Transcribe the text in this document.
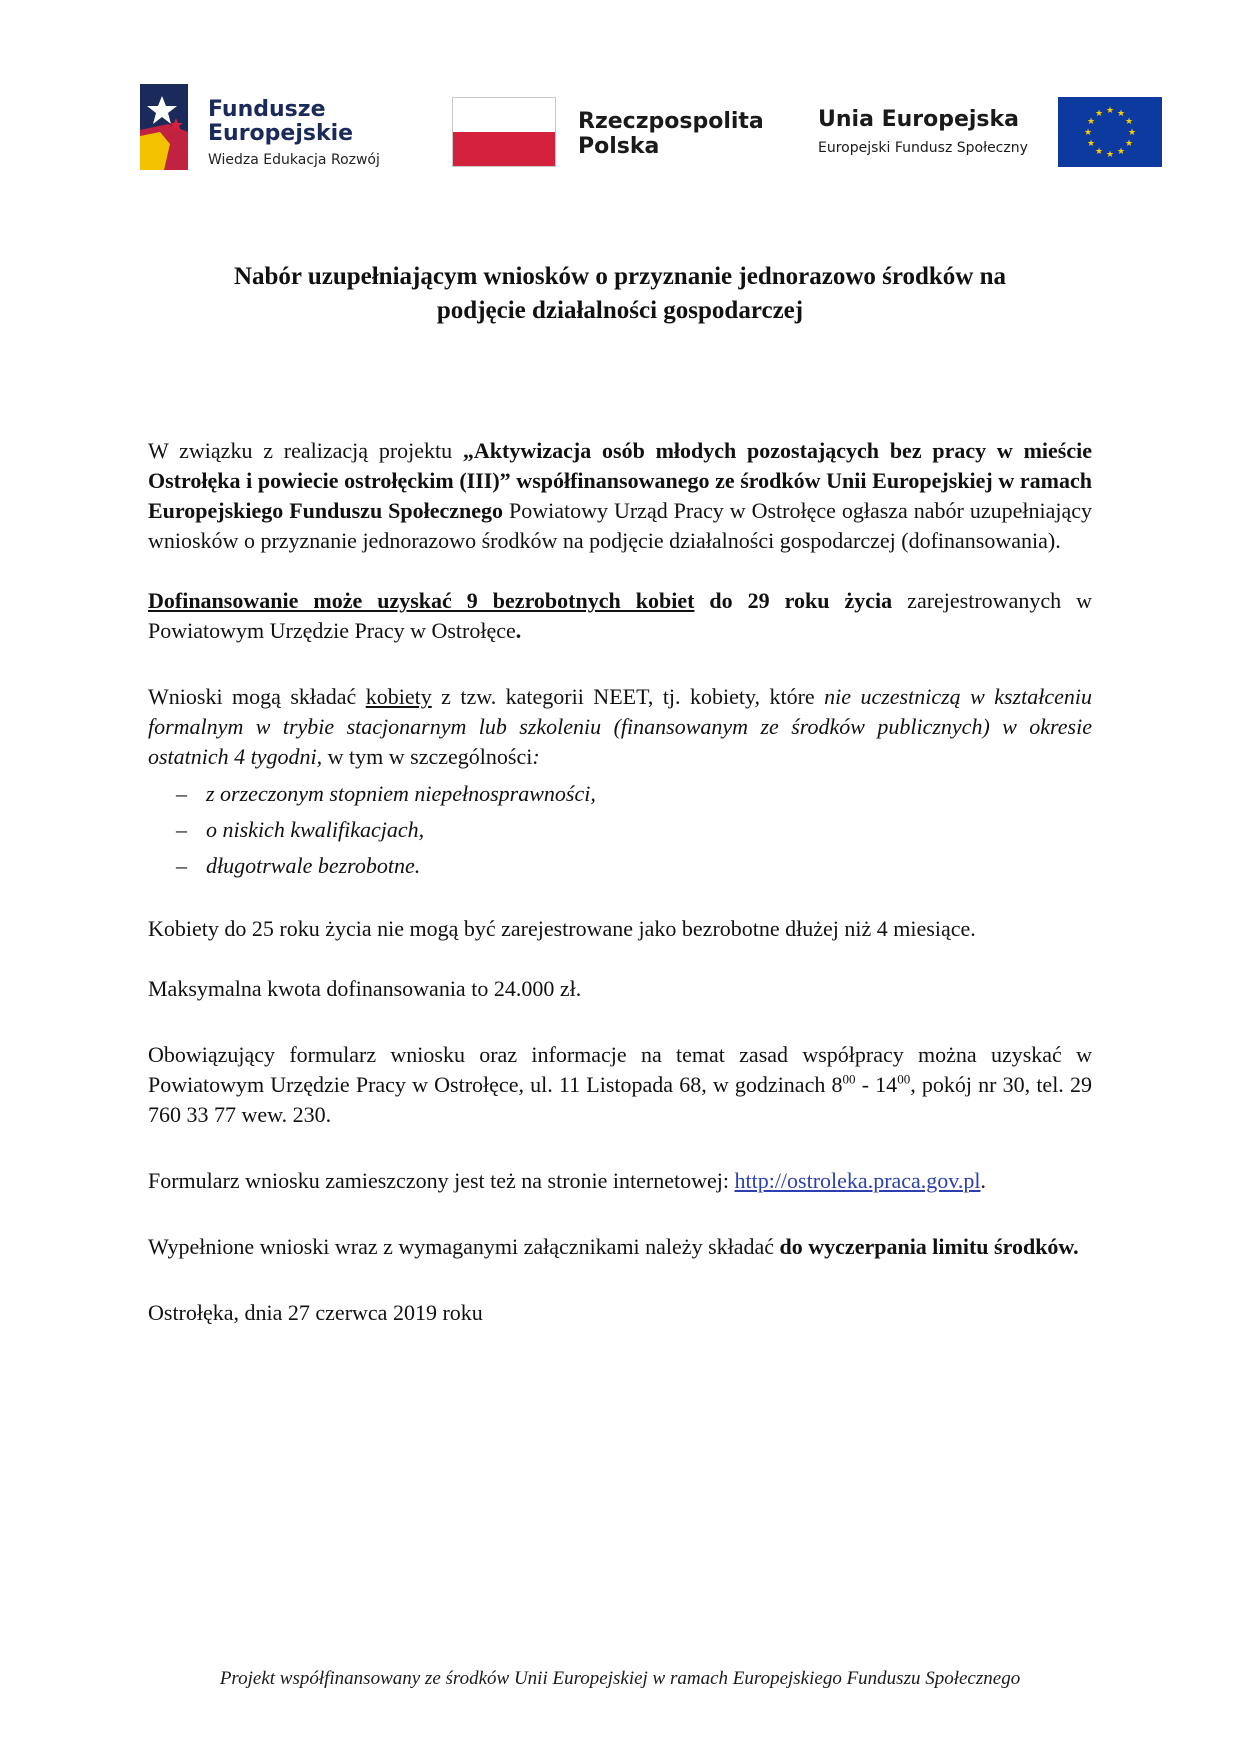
Fundusze
Europejskie
Wiedza Edukacja Rozwój
Rzeczpospolita
Polska
Unia Europejska
Europejski Fundusz Społeczny
★ ★
★
★
★
★
★
★
★
★
★
★
Nabór uzupełniającym wniosków o przyznanie jednorazowo środków na
podjęcie działalności gospodarczej

W związku z realizacją projektu „Aktywizacja osób młodych pozostających bez pracy w mieście Ostrołęka i powiecie ostrołęckim (III)” współfinansowanego ze środków Unii Europejskiej w ramach Europejskiego Funduszu Społecznego Powiatowy Urząd Pracy w Ostrołęce ogłasza nabór uzupełniający wniosków o przyznanie jednorazowo środków na podjęcie działalności gospodarczej (dofinansowania).

Dofinansowanie może uzyskać 9 bezrobotnych kobiet do 29 roku życia zarejestrowanych w Powiatowym Urzędzie Pracy w Ostrołęce.

Wnioski mogą składać kobiety z tzw. kategorii NEET, tj. kobiety, które nie uczestniczą w kształceniu formalnym w trybie stacjonarnym lub szkoleniu (finansowanym ze środków publicznych) w okresie ostatnich 4 tygodni, w tym w szczególności:

– z orzeczonym stopniem niepełnosprawności,
– o niskich kwalifikacjach,
– długotrwale bezrobotne.

Kobiety do 25 roku życia nie mogą być zarejestrowane jako bezrobotne dłużej niż 4 miesiące.

Maksymalna kwota dofinansowania to 24.000 zł.

Obowiązujący formularz wniosku oraz informacje na temat zasad współpracy można uzyskać w Powiatowym Urzędzie Pracy w Ostrołęce, ul. 11 Listopada 68, w godzinach $8^{00} - 14^{00}$, pokój nr 30, tel. 29 760 33 77 wew. 230.

Formularz wniosku zamieszczony jest też na stronie internetowej: http://ostroleka.praca.gov.pl.

Wypełnione wnioski wraz z wymaganymi załącznikami należy składać do wyczerpania limitu środków.

Ostrołęka, dnia 27 czerwca 2019 roku

Projekt współfinansowany ze środków Unii Europejskiej w ramach Europejskiego Funduszu Społecznego
